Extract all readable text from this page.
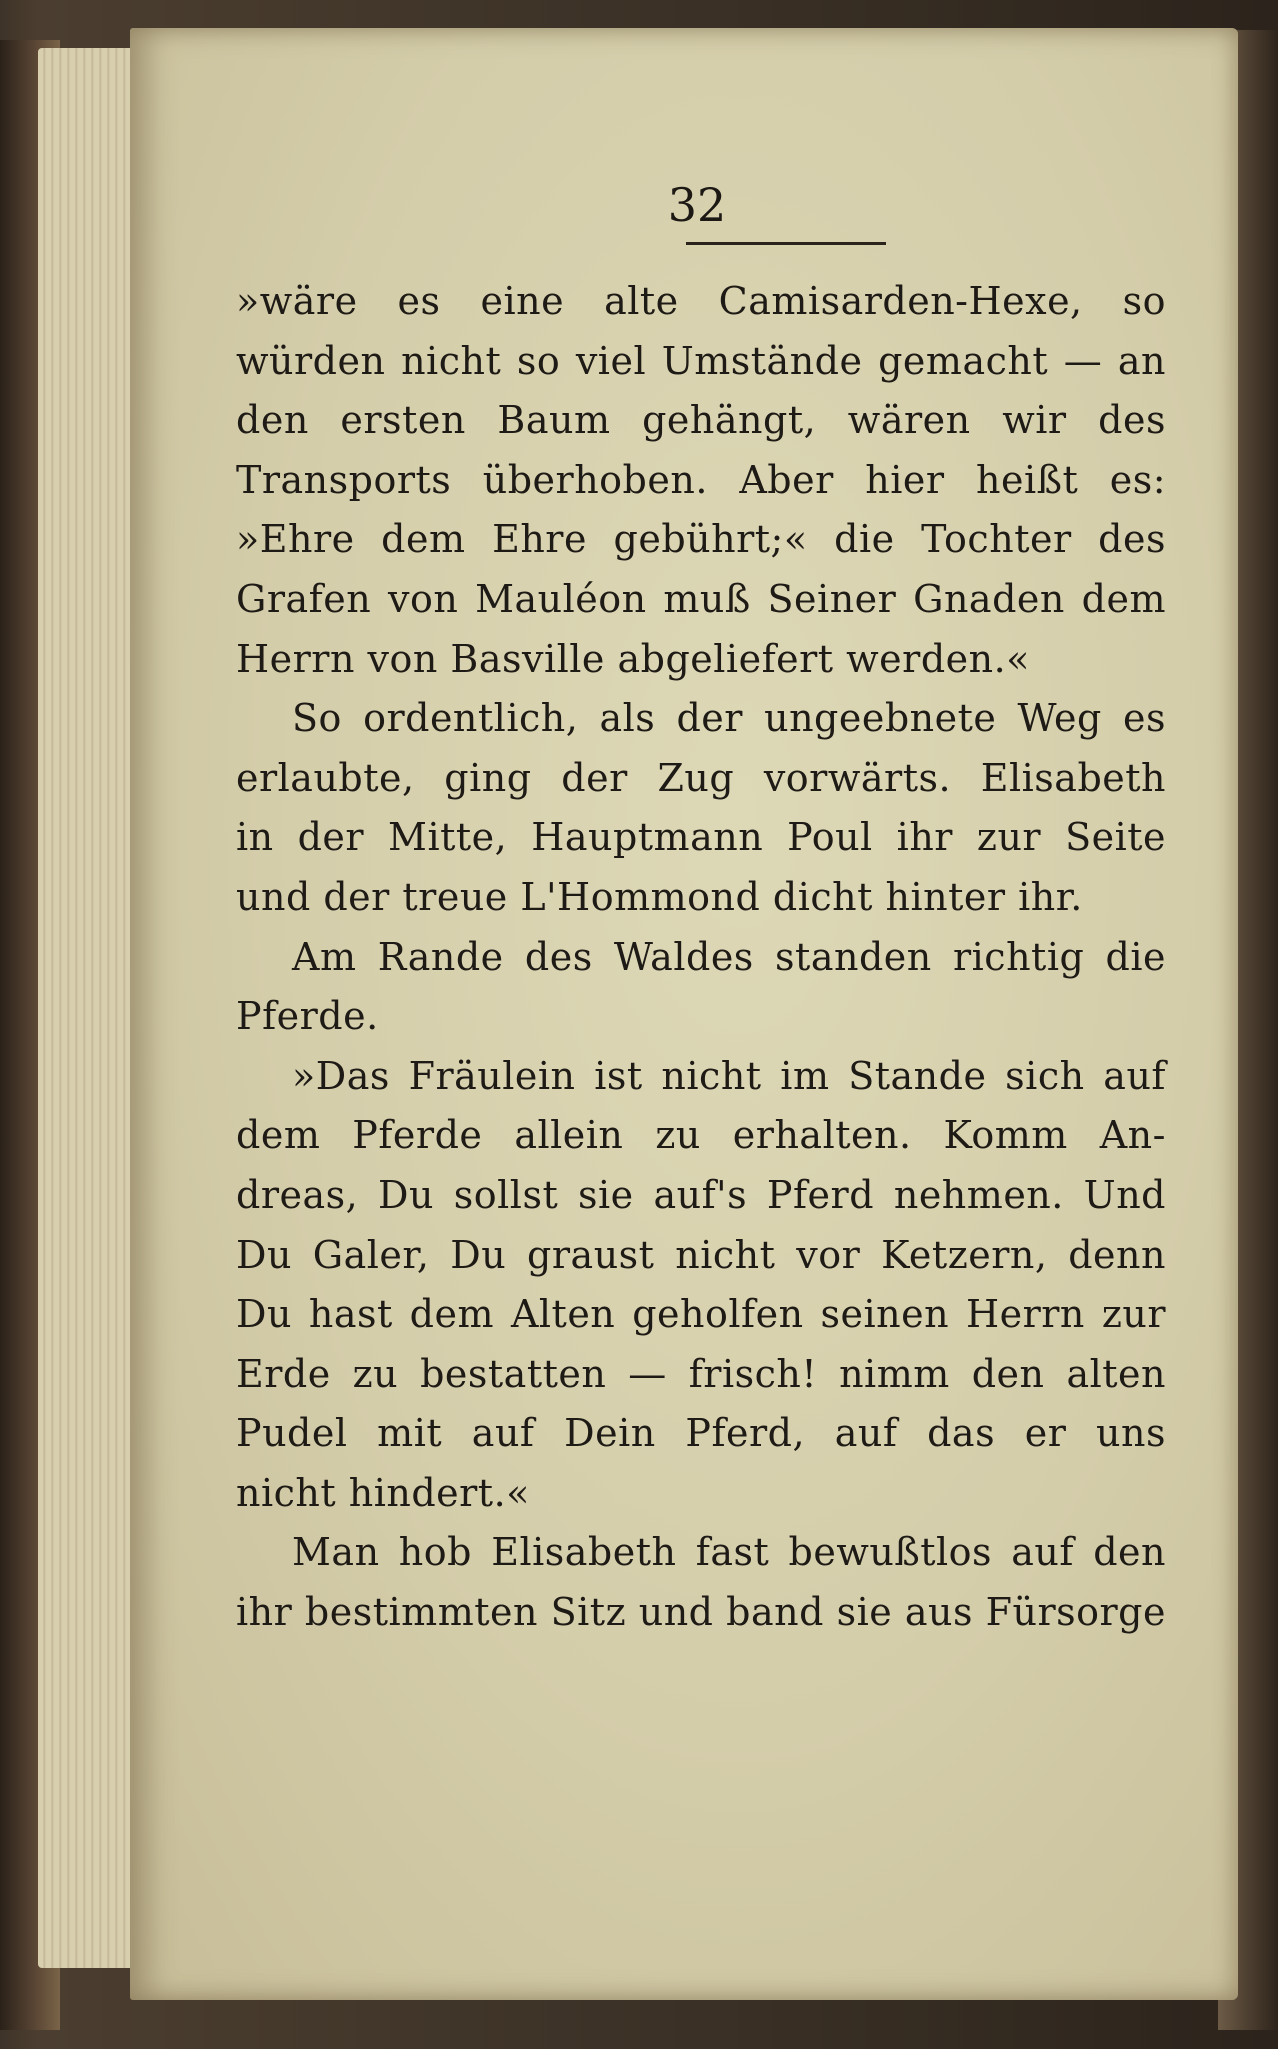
32
»wäre es eine alte Camisarden-Hexe, so
würden nicht so viel Umstände gemacht — an
den ersten Baum gehängt, wären wir des
Transports überhoben. Aber hier heißt es:
»Ehre dem Ehre gebührt;« die Tochter des
Grafen von Mauléon muß Seiner Gnaden dem
Herrn von Basville abgeliefert werden.«
So ordentlich, als der ungeebnete Weg es
erlaubte, ging der Zug vorwärts. Elisabeth
in der Mitte, Hauptmann Poul ihr zur Seite
und der treue L'Hommond dicht hinter ihr.
Am Rande des Waldes standen richtig die
Pferde.
»Das Fräulein ist nicht im Stande sich auf
dem Pferde allein zu erhalten. Komm An-
dreas, Du sollst sie auf's Pferd nehmen. Und
Du Galer, Du graust nicht vor Ketzern, denn
Du hast dem Alten geholfen seinen Herrn zur
Erde zu bestatten — frisch! nimm den alten
Pudel mit auf Dein Pferd, auf das er uns
nicht hindert.«
Man hob Elisabeth fast bewußtlos auf den
ihr bestimmten Sitz und band sie aus Fürsorge
